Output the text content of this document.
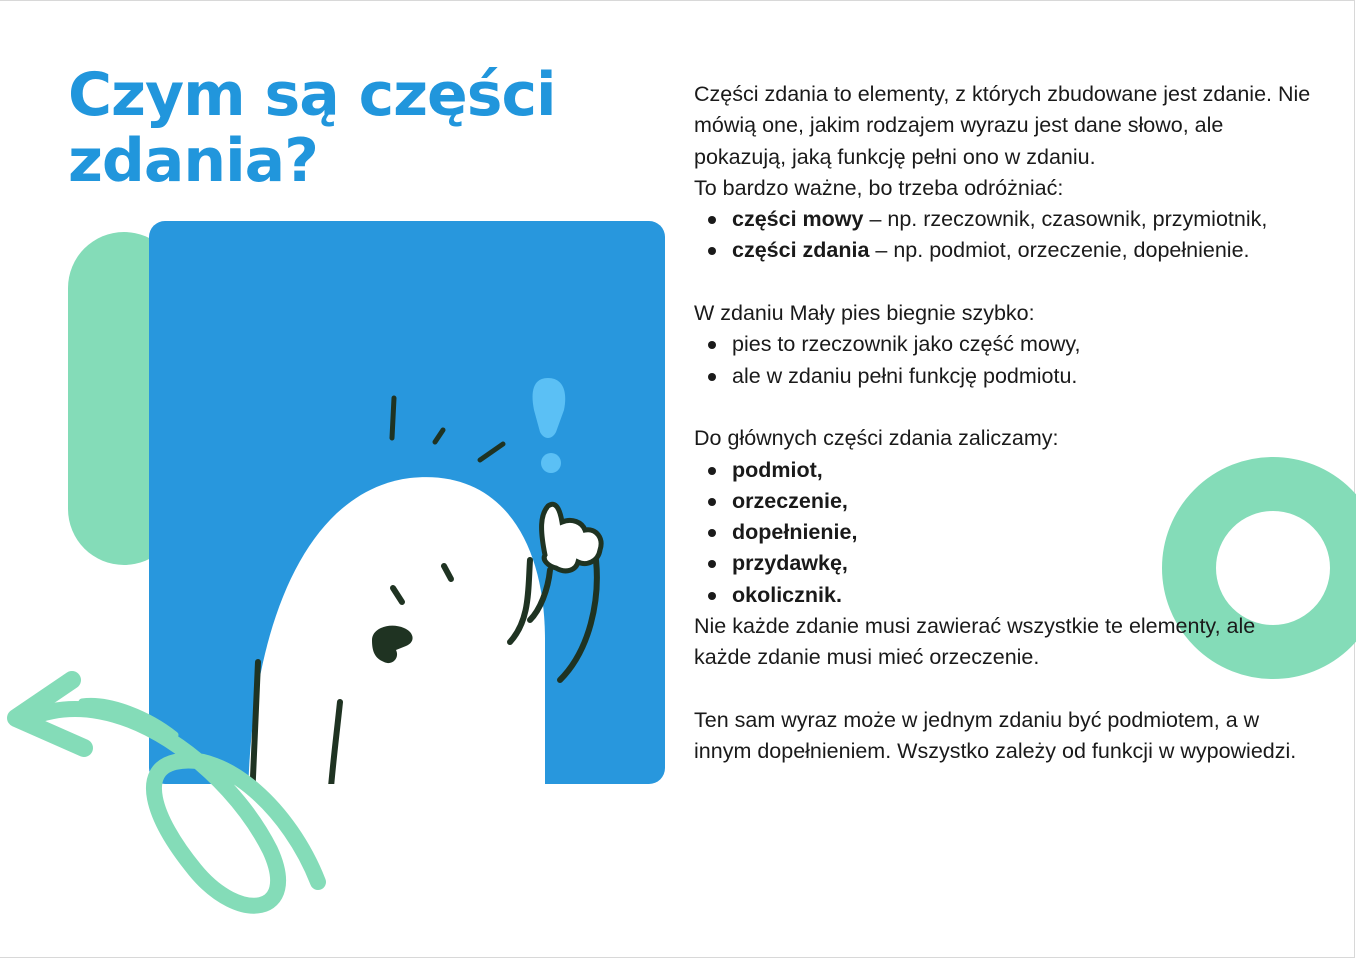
Czym są części
zdania?

Części zdania to elementy, z których zbudowane jest zdanie. Nie mówią one, jakim rodzajem wyrazu jest dane słowo, ale pokazują, jaką funkcję pełni ono w zdaniu.

To bardzo ważne, bo trzeba odróżniać:

części mowy – np. rzeczownik, czasownik, przymiotnik,
części zdania – np. podmiot, orzeczenie, dopełnienie.

W zdaniu Mały pies biegnie szybko:

pies to rzeczownik jako część mowy,
ale w zdaniu pełni funkcję podmiotu.

Do głównych części zdania zaliczamy:

podmiot,
orzeczenie,
dopełnienie,
przydawkę,
okolicznik.

Nie każde zdanie musi zawierać wszystkie te elementy, ale każde zdanie musi mieć orzeczenie.

Ten sam wyraz może w jednym zdaniu być podmiotem, a w innym dopełnieniem. Wszystko zależy od funkcji w wypowiedzi.
